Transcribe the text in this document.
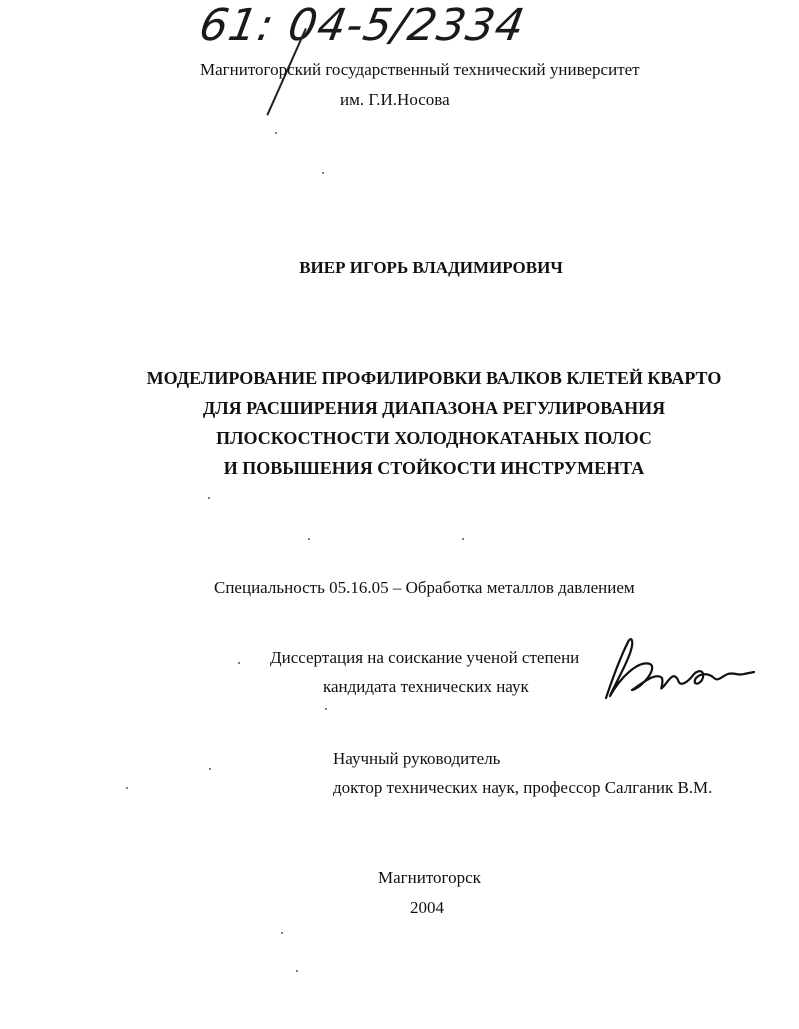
61: 04-5/2334
Магнитогорский государственный технический университет
им. Г.И.Носова
ВИЕР ИГОРЬ ВЛАДИМИРОВИЧ
МОДЕЛИРОВАНИЕ ПРОФИЛИРОВКИ ВАЛКОВ КЛЕТЕЙ КВАРТО
ДЛЯ РАСШИРЕНИЯ ДИАПАЗОНА РЕГУЛИРОВАНИЯ
ПЛОСКОСТНОСТИ ХОЛОДНОКАТАНЫХ ПОЛОС
И ПОВЫШЕНИЯ СТОЙКОСТИ ИНСТРУМЕНТА
Специальность 05.16.05 – Обработка металлов давлением
Диссертация на соискание ученой степени
кандидата технических наук
Научный руководитель
доктор технических наук, профессор Салганик В.М.
Магнитогорск
2004
